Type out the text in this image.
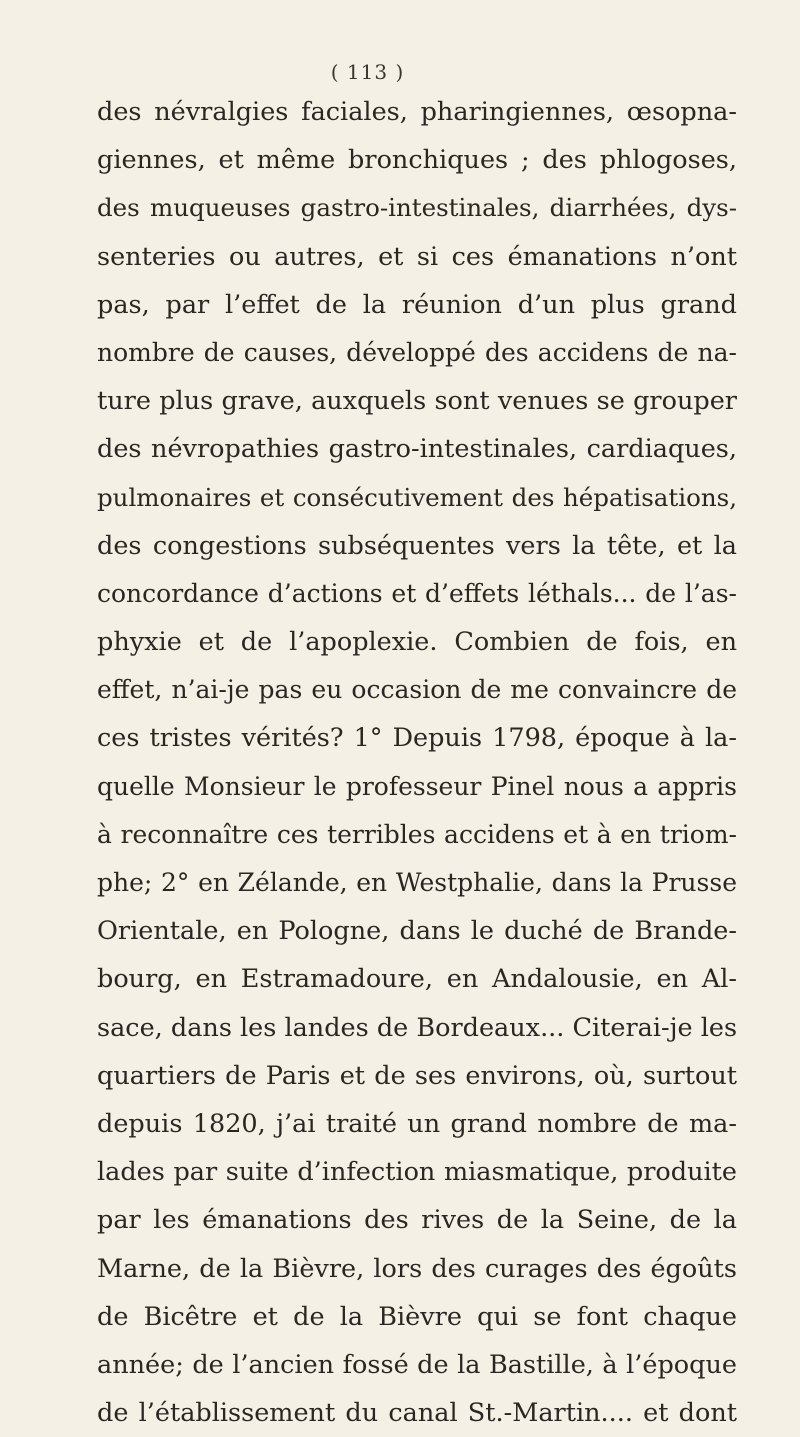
( 113 )
des névralgies faciales, pharingiennes, œsopna-
giennes, et même bronchiques ; des phlogoses,
des muqueuses gastro-intestinales, diarrhées, dys-
senteries ou autres, et si ces émanations n’ont
pas, par l’effet de la réunion d’un plus grand
nombre de causes, développé des accidens de na-
ture plus grave, auxquels sont venues se grouper
des névropathies gastro-intestinales, cardiaques,
pulmonaires et consécutivement des hépatisations,
des congestions subséquentes vers la tête, et la
concordance d’actions et d’effets léthals... de l’as-
phyxie et de l’apoplexie. Combien de fois, en
effet, n’ai-je pas eu occasion de me convaincre de
ces tristes vérités? 1° Depuis 1798, époque à la-
quelle Monsieur le professeur Pinel nous a appris
à reconnaître ces terribles accidens et à en triom-
phe; 2° en Zélande, en Westphalie, dans la Prusse
Orientale, en Pologne, dans le duché de Brande-
bourg, en Estramadoure, en Andalousie, en Al-
sace, dans les landes de Bordeaux... Citerai-je les
quartiers de Paris et de ses environs, où, surtout
depuis 1820, j’ai traité un grand nombre de ma-
lades par suite d’infection miasmatique, produite
par les émanations des rives de la Seine, de la
Marne, de la Bièvre, lors des curages des égoûts
de Bicêtre et de la Bièvre qui se font chaque
année; de l’ancien fossé de la Bastille, à l’époque
de l’établissement du canal St.-Martin.... et dont
